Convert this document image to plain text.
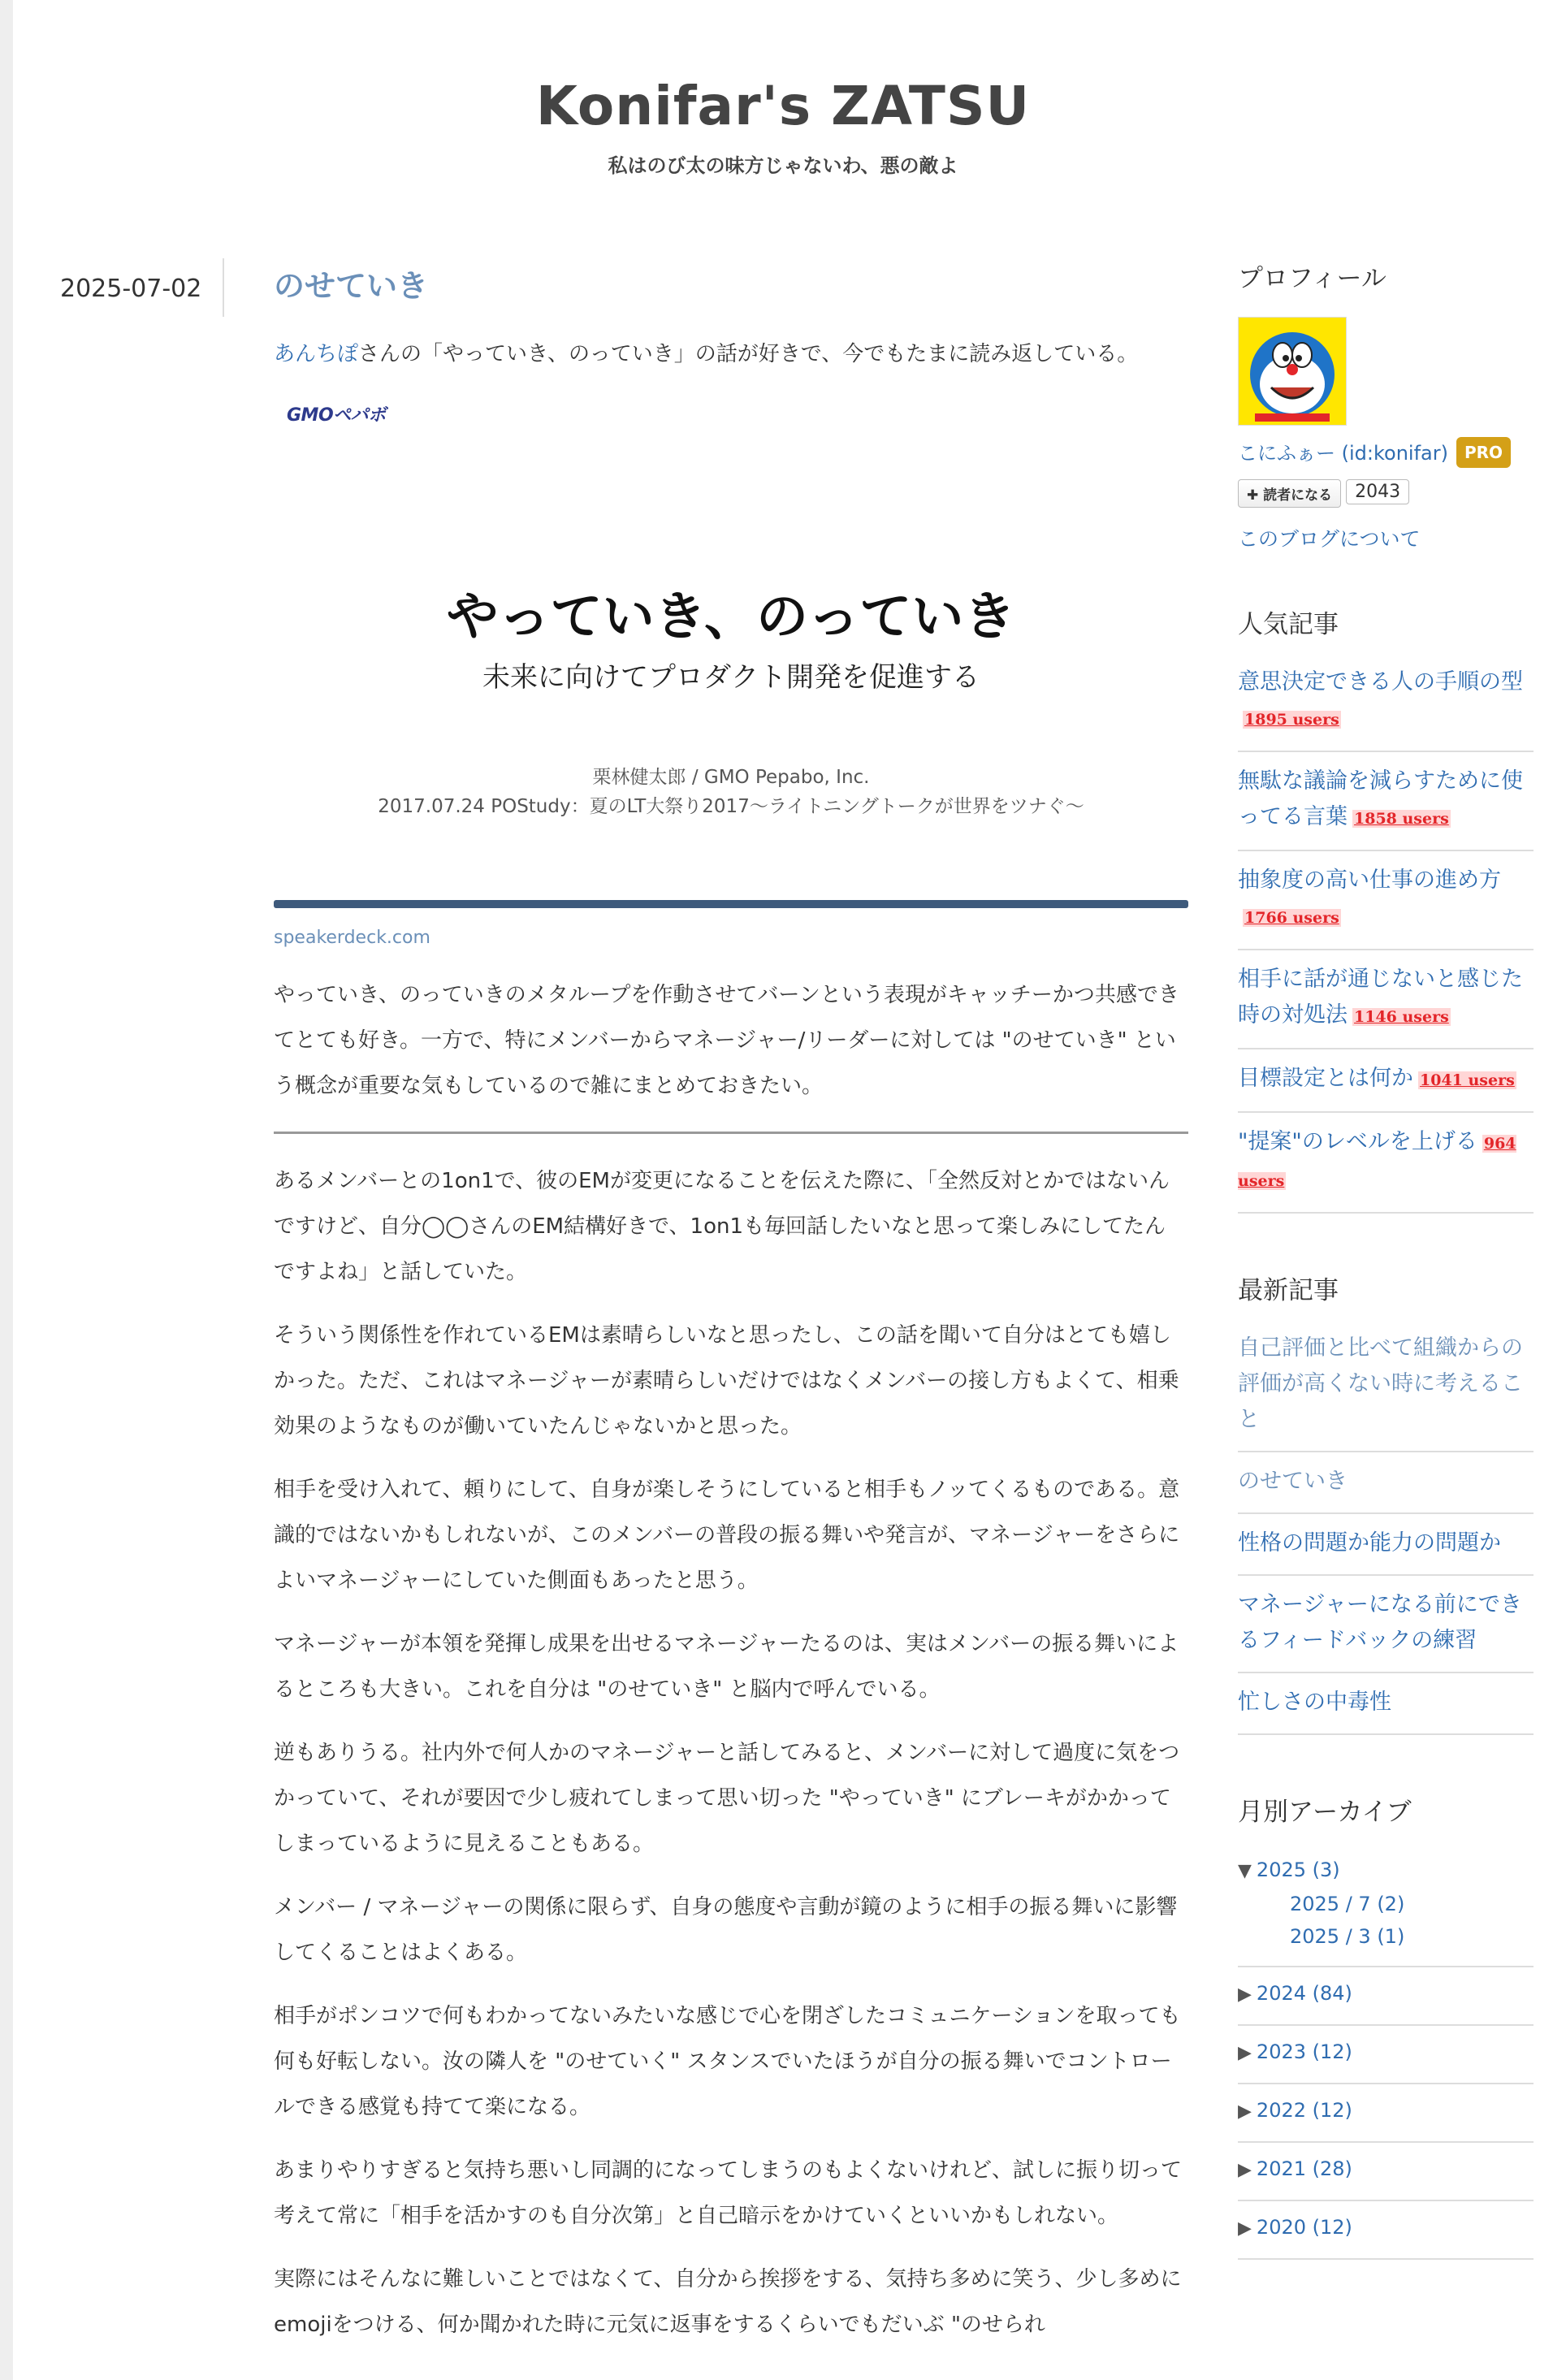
Konifar's ZATSU
私はのび太の味方じゃないわ、悪の敵よ
2025-07-02 のせていき

あんちぽさんの「やっていき、のっていき」の話が好きで、今でもたまに読み返している。

GMOペパボ
やっていき、のっていき
未来に向けてプロダクト開発を促進する
栗林健太郎 / GMO Pepabo, Inc.
2017.07.24 POStudy：夏のLT大祭り2017〜ライトニングトークが世界をツナぐ〜
speakerdeck.com

やっていき、のっていきのメタループを作動させてバーンという表現がキャッチーかつ共感できてとても好き。一方で、特にメンバーからマネージャー/リーダーに対しては "のせていき" という概念が重要な気もしているので雑にまとめておきたい。

あるメンバーとの1on1で、彼のEMが変更になることを伝えた際に、「全然反対とかではないんですけど、自分◯◯さんのEM結構好きで、1on1も毎回話したいなと思って楽しみにしてたんですよね」と話していた。

そういう関係性を作れているEMは素晴らしいなと思ったし、この話を聞いて自分はとても嬉しかった。ただ、これはマネージャーが素晴らしいだけではなくメンバーの接し方もよくて、相乗効果のようなものが働いていたんじゃないかと思った。

相手を受け入れて、頼りにして、自身が楽しそうにしていると相手もノッてくるものである。意識的ではないかもしれないが、このメンバーの普段の振る舞いや発言が、マネージャーをさらによいマネージャーにしていた側面もあったと思う。

マネージャーが本領を発揮し成果を出せるマネージャーたるのは、実はメンバーの振る舞いによるところも大きい。これを自分は "のせていき" と脳内で呼んでいる。

逆もありうる。社内外で何人かのマネージャーと話してみると、メンバーに対して過度に気をつかっていて、それが要因で少し疲れてしまって思い切った "やっていき" にブレーキがかかってしまっているように見えることもある。

メンバー / マネージャーの関係に限らず、自身の態度や言動が鏡のように相手の振る舞いに影響してくることはよくある。

相手がポンコツで何もわかってないみたいな感じで心を閉ざしたコミュニケーションを取っても何も好転しない。汝の隣人を "のせていく" スタンスでいたほうが自分の振る舞いでコントロールできる感覚も持てて楽になる。

あまりやりすぎると気持ち悪いし同調的になってしまうのもよくないけれど、試しに振り切って考えて常に「相手を活かすのも自分次第」と自己暗示をかけていくといいかもしれない。

実際にはそんなに難しいことではなくて、自分から挨拶をする、気持ち多めに笑う、少し多めにemojiをつける、何か聞かれた時に元気に返事をするくらいでもだいぶ "のせられ

プロフィール
こにふぁー (id:konifar) PRO
✚ 読者になる 2043
このブログについて
人気記事
意思決定できる人の手順の型1895 users
無駄な議論を減らすために使ってる言葉 1858 users
抽象度の高い仕事の進め方1766 users
相手に話が通じないと感じた時の対処法 1146 users
目標設定とは何か 1041 users
"提案"のレベルを上げる 964 users
最新記事
自己評価と比べて組織からの評価が高くない時に考えること
のせていき
性格の問題か能力の問題か
マネージャーになる前にできるフィードバックの練習
忙しさの中毒性
月別アーカイブ
▼ 2025 (3)
2025 / 7 (2)
2025 / 3 (1)
▶ 2024 (84)
▶ 2023 (12)
▶ 2022 (12)
▶ 2021 (28)
▶ 2020 (12)
